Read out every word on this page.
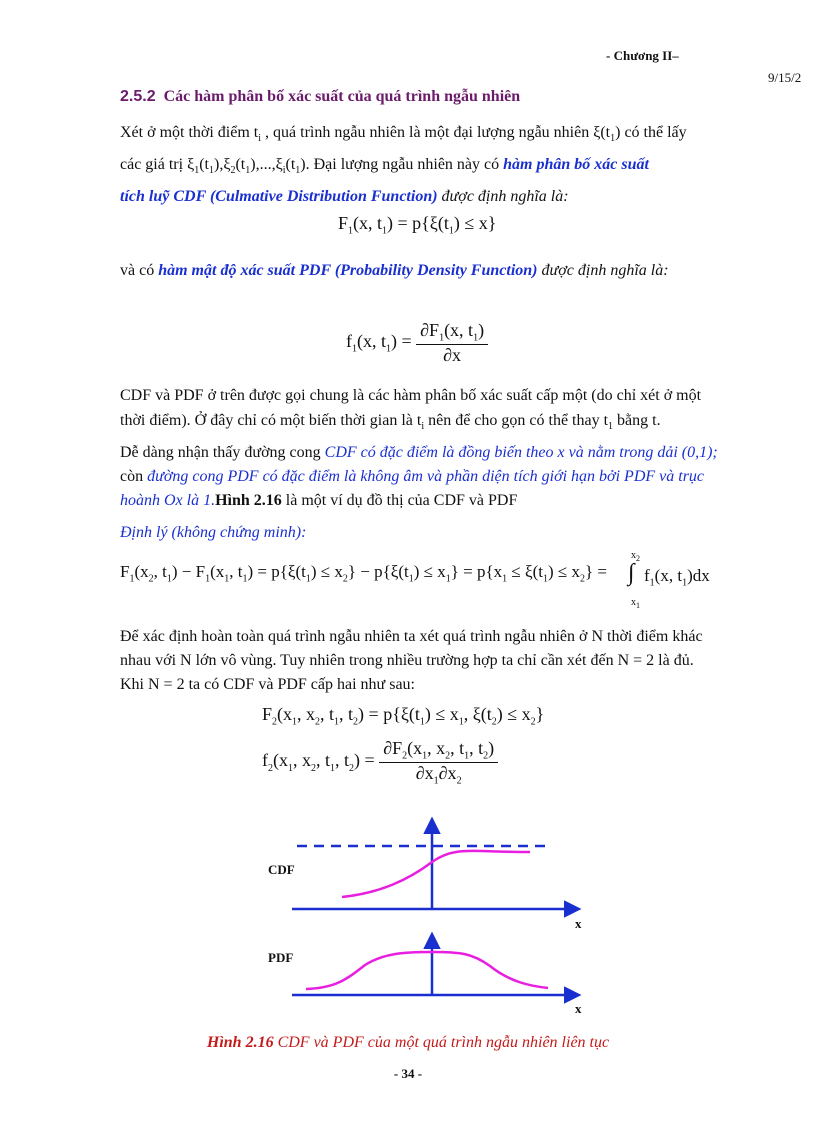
- Chương II–
9/15/2
2.5.2 Các hàm phân bố xác suất của quá trình ngẫu nhiên
Xét ở một thời điểm $t_i$ , quá trình ngẫu nhiên là một đại lượng ngẫu nhiên $\xi(t_1)$ có thể lấy
các giá trị $\xi_1(t_1),\xi_2(t_1),...,\xi_i(t_1)$. Đại lượng ngẫu nhiên này có hàm phân bố xác suất
tích luỹ CDF (Culmative Distribution Function) được định nghĩa là:
$F_1(x$, $t_1) = p\{\xi(t_1) \le x\}$
và có hàm mật độ xác suất PDF (Probability Density Function) được định nghĩa là:
$f_1(x$, $t_1) = \frac{\partial F_1(x, t_1)}{\partial x}$
CDF và PDF ở trên được gọi chung là các hàm phân bố xác suất cấp một (do chỉ xét ở một
thời điểm). Ở đây chỉ có một biến thời gian là $t_i$ nên để cho gọn có thể thay $t_1$ bằng t.
Dễ dàng nhận thấy đường cong CDF có đặc điểm là đồng biến theo x và nằm trong dải (0,1);
còn đường cong PDF có đặc điểm là không âm và phần diện tích giới hạn bởi PDF và trục
hoành Ox là 1.Hình 2.16 là một ví dụ đồ thị của CDF và PDF
Định lý (không chứng minh):
$F_1(x_2$, $t_1) - F_1(x_1$, $t_1) = p\{\xi(t_1) \le x_2\} - p\{\xi(t_1) \le x_1\} = p\{x_1 \le \xi(t_1) \le x_2\}$ =
$x_2$
∫
$x_1$
$f_1(x$, $t_1)dx$
Để xác định hoàn toàn quá trình ngẫu nhiên ta xét quá trình ngẫu nhiên ở N thời điểm khác
nhau với N lớn vô vùng. Tuy nhiên trong nhiều trường hợp ta chỉ cần xét đến N = 2 là đủ.
Khi N = 2 ta có CDF và PDF cấp hai như sau:
$F_2(x_1$, $x_2$, $t_1$, $t_2) = p\{\xi(t_1) \le x_1$, $\xi(t_2) \le x_2$}
$f_2(x_1$, $x_2$, $t_1$, $t_2) = \frac{\partial F_2(x_1, x_2, t_1, t_2)}{\partial x_1\partial x_2}$
CDF
x
PDF
x
Hình 2.16 CDF và PDF của một quá trình ngẫu nhiên liên tục
- 34 -
